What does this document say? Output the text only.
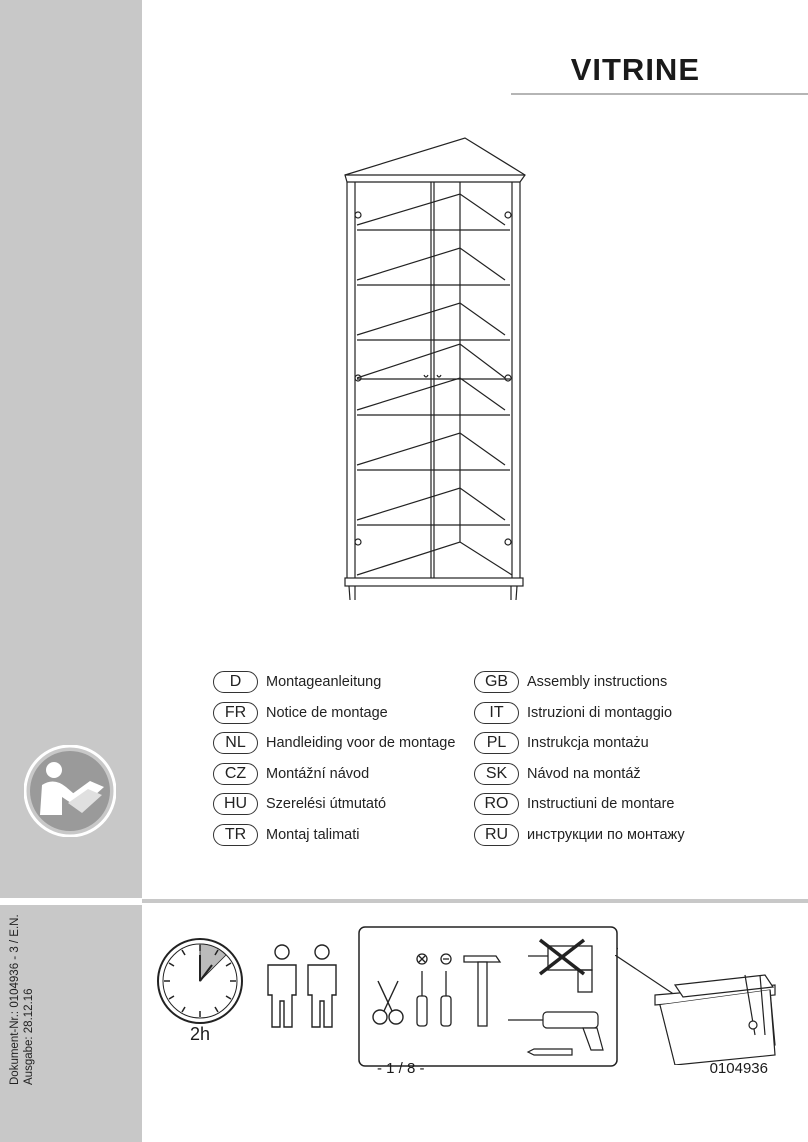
VITRINE
D	Montageanleitung
FR	Notice de montage
NL	Handleiding voor de montage
CZ	Montážní návod
HU	Szerelési útmutató
TR	Montaj talimati
GB	Assembly instructions
IT	Istruzioni di montaggio
PL	Instrukcja montażu
SK	Návod na montáž
RO	Instructiuni de montare
RU	инструкции по монтажу
Dokument-Nr.: 0104936 - 3 / E.N. Ausgabe: 28.12.16	2h
- 1 / 8 -	0104936
